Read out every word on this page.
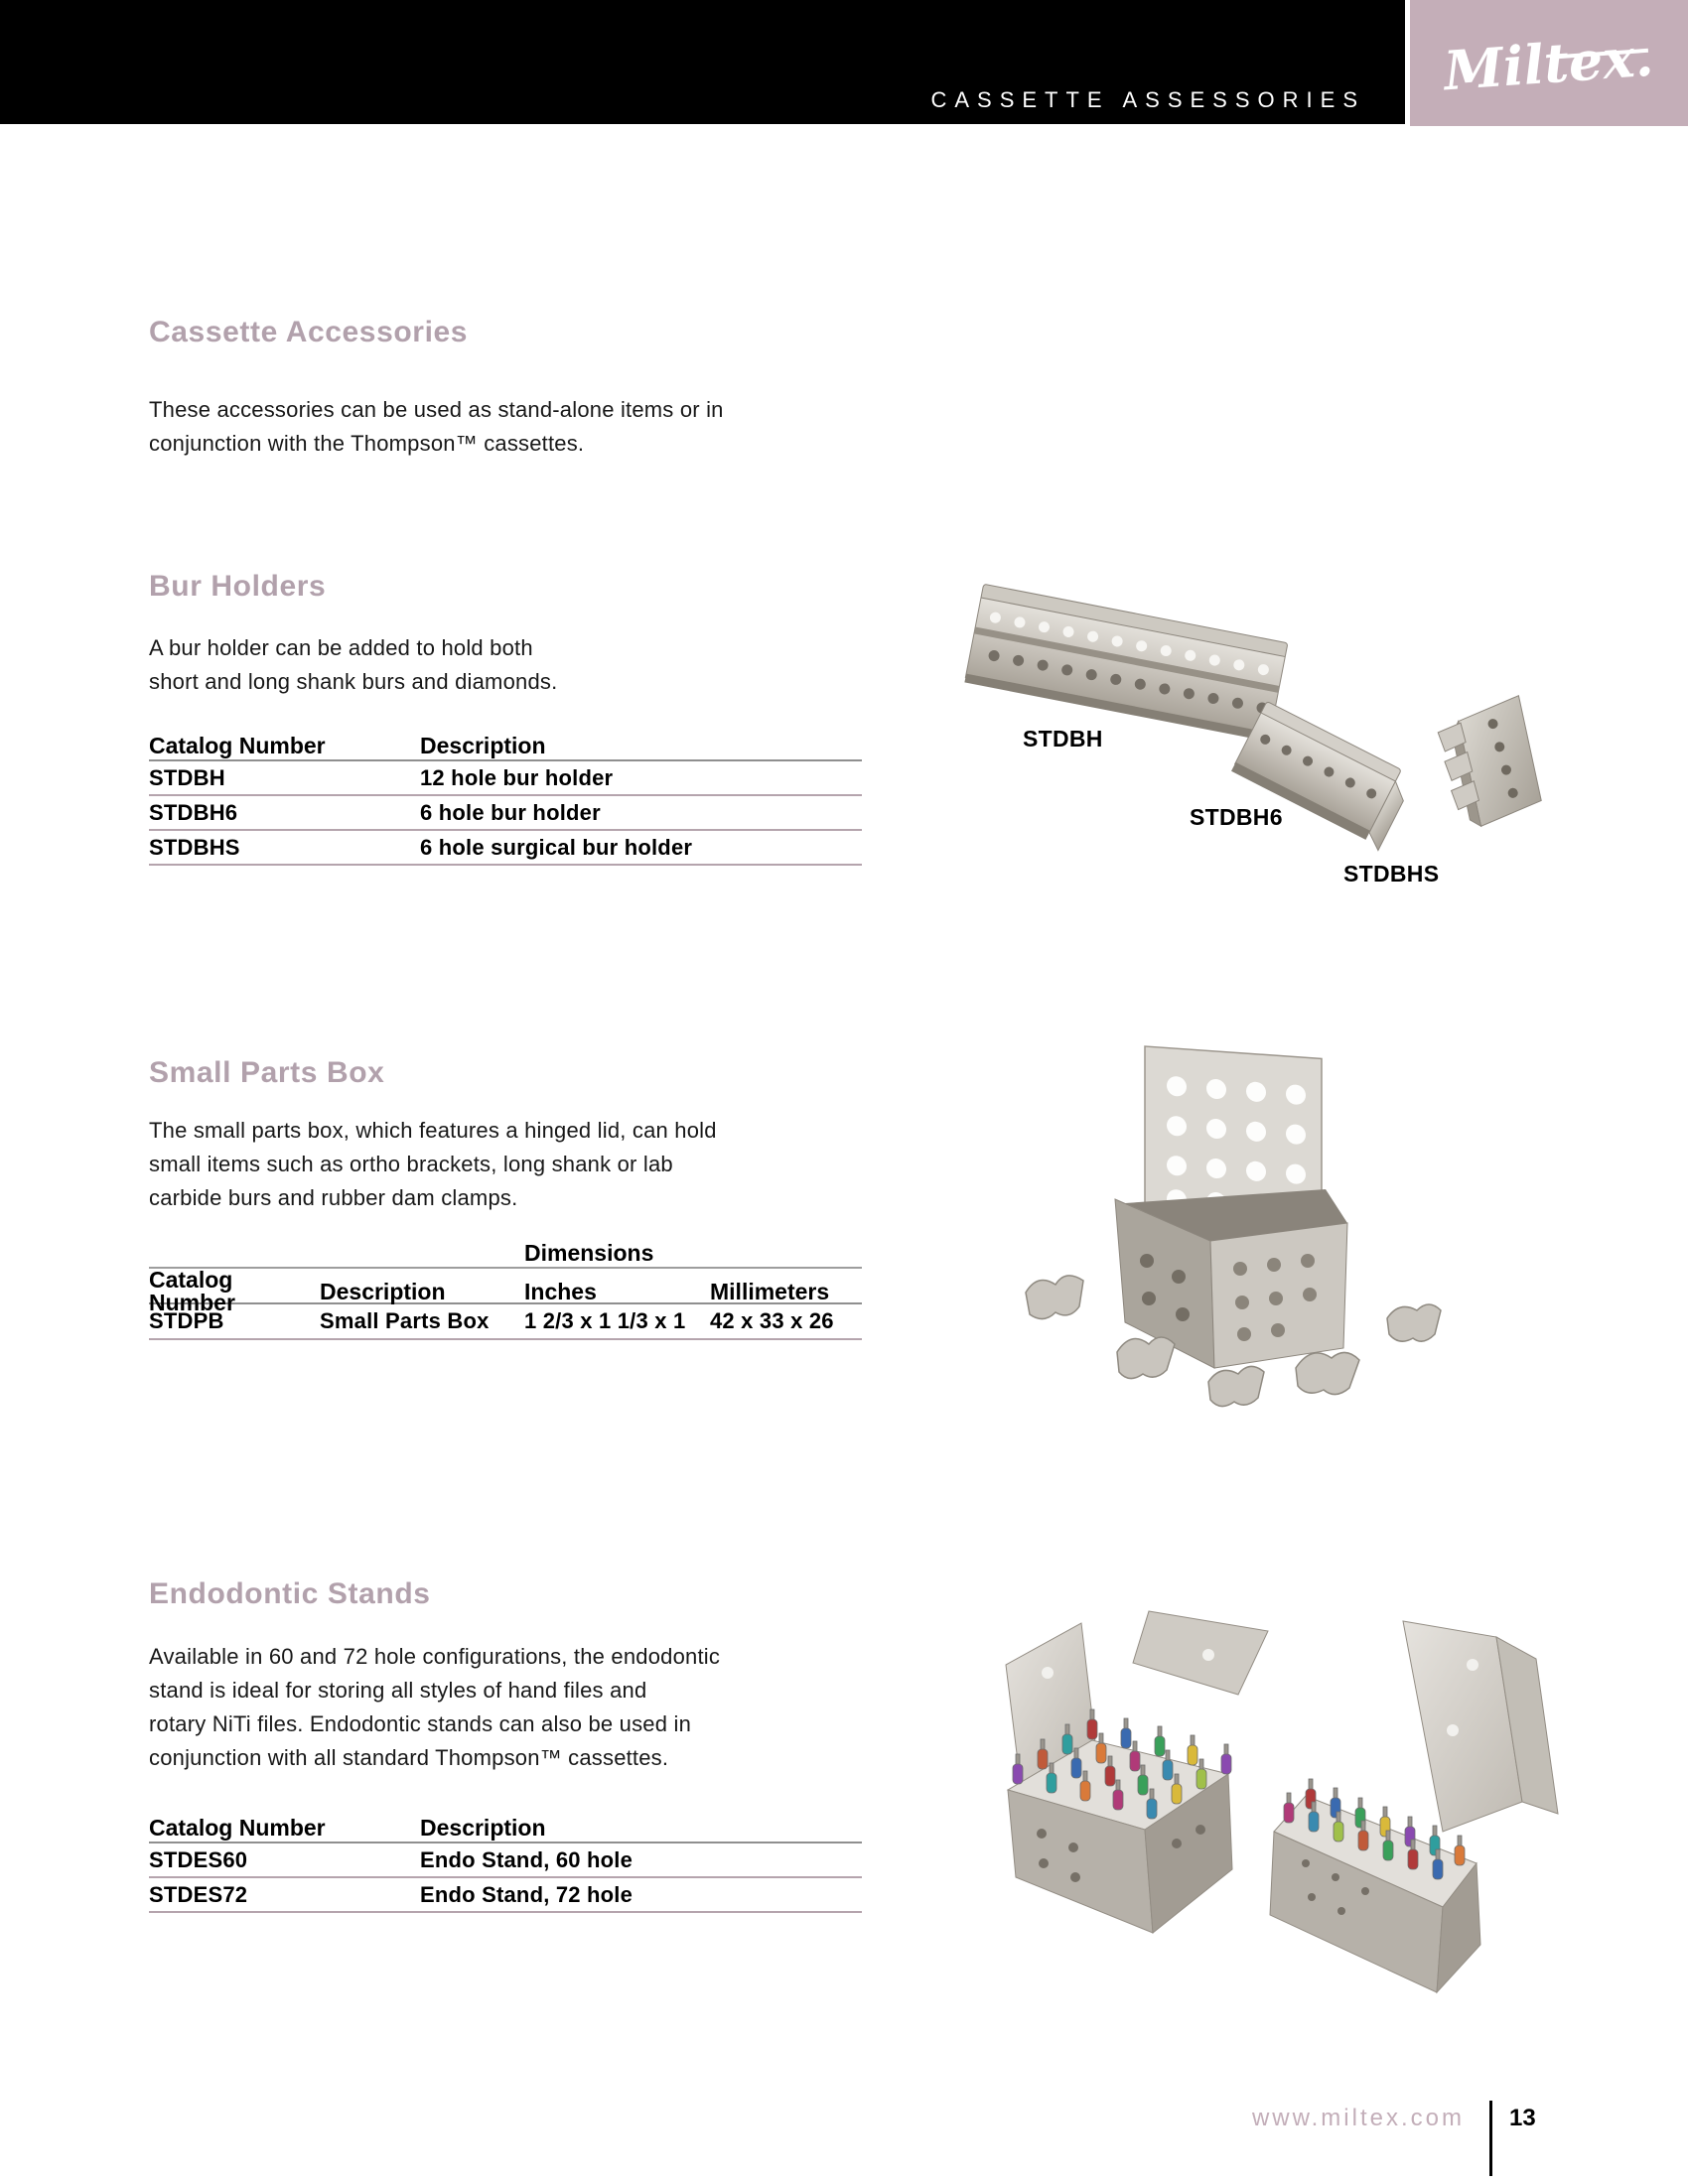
CASSETTE ASSESSORIES Miltex.
Cassette Accessories
These accessories can be used as stand-alone items or in
conjunction with the Thompson™ cassettes.
Bur Holders
A bur holder can be added to hold both
short and long shank burs and diamonds.
Catalog Number	Description
STDBH	12 hole bur holder
STDBH6	6 hole bur holder
STDBHS	6 hole surgical bur holder
STDBH
STDBH6
STDBHS
Small Parts Box
The small parts box, which features a hinged lid, can hold
small items such as ortho brackets, long shank or lab
carbide burs and rubber dam clamps.
Dimensions
Catalog Number	Description	Inches	Millimeters
STDPB	Small Parts Box	1 2/3 x 1 1/3 x 1	42 x 33 x 26
Endodontic Stands
Available in 60 and 72 hole configurations, the endodontic
stand is ideal for storing all styles of hand files and
rotary NiTi files. Endodontic stands can also be used in
conjunction with all standard Thompson™ cassettes.
Catalog Number	Description
STDES60	Endo Stand, 60 hole
STDES72	Endo Stand, 72 hole
www.miltex.com 13
